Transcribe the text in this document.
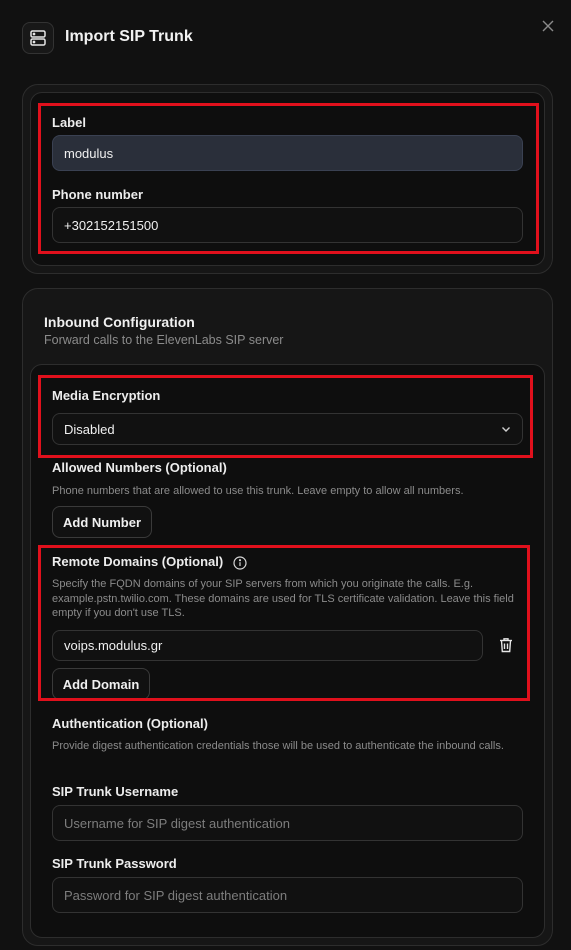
Import SIP Trunk
Label
modulus
Phone number
+302152151500
Inbound Configuration
Forward calls to the ElevenLabs SIP server
Media Encryption
Disabled
Allowed Numbers (Optional)
Phone numbers that are allowed to use this trunk. Leave empty to allow all numbers.
Add Number
Remote Domains (Optional)
Specify the FQDN domains of your SIP servers from which you originate the calls. E.g. example.pstn.twilio.com. These domains are used for TLS certificate validation. Leave this field empty if you don't use TLS.
voips.modulus.gr
Add Domain
Authentication (Optional)
Provide digest authentication credentials those will be used to authenticate the inbound calls.
SIP Trunk Username
Username for SIP digest authentication
SIP Trunk Password
